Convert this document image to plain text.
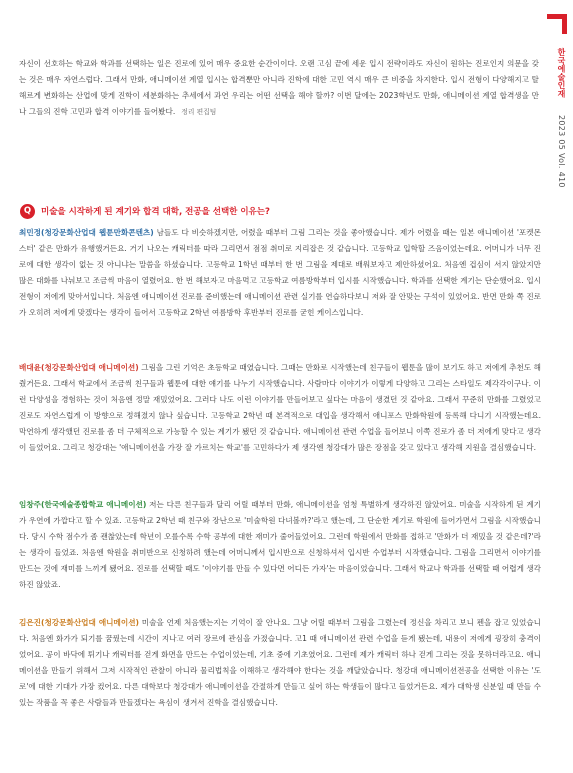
한국예술인재 2023 05 Vol. 410
자신이 선호하는 학교와 학과를 선택하는 일은 진로에 있어 매우 중요한 순간이이다. 오랜 고심 끝에 세운 입시 전략이라도 자신이 원하는 진로인지 의문을 갖는 것은 매우 자연스럽다. 그래서 만화, 애니메이션 계열 입시는 합격뿐만 아니라 진학에 대한 고민 역시 매우 큰 비중을 차지한다. 입시 전형이 다양해지고 탈해르게 변화하는 산업에 맞게 진학이 세분화하는 추세에서 과연 우리는 어떤 선택을 해야 할까? 이번 달에는 2023학년도 만화, 애니메이션 계열 합격생을 만나 그들의 진학 고민과 합격 이야기를 들어봤다. 정리 편집팀
Q	미술을 시작하게 된 계기와 합격 대학, 전공을 선택한 이유는?
최민정(청강문화산업대 웹툰만화콘텐츠) 남들도 다 비슷하겠지만, 어렸을 때부터 그림 그리는 것을 좋아했습니다. 제가 어렸을 때는 일본 애니메이션 '포켓몬스터' 같은 만화가 유행했거든요. 거기 나오는 캐릭터를 따라 그리면서 점점 취미로 지리잡은 것 같습니다. 고등학교 입학할 즈음이었는데요. 어머니가 너무 진로에 대한 생각이 없는 것 아니냐는 말씀을 하셨습니다. 고등학교 1학년 때부터 한 번 그림을 제대로 배워보자고 제안하셨어요. 처음엔 겁심이 서지 않았지만 많은 대화를 나눠보고 조금씩 마음이 열렸어요. 한 번 해보자고 마음먹고 고등학교 여름방학부터 입시를 시작했습니다. 학과를 선택한 계기는 단순했어요. 입시 전형이 저에게 맞아서입니다. 처음엔 애니메이션 진로를 준비했는데 애니메이션 관련 실기를 연습하다보니 저와 잘 안맞는 구석이 있었어요. 반면 만화 쪽 진로가 오히려 저에게 맞겠다는 생각이 들어서 고등학교 2학년 여름방학 후반부터 진로를 굳힌 케이스입니다.
배대윤(청강문화산업대 애니메이션) 그림을 그린 기억은 초등학교 때였습니다. 그때는 만화로 시작했는데 친구들이 웹툰을 많이 보기도 하고 저에게 추천도 해줬거든요. 그래서 학교에서 조금씩 친구들과 웹툰에 대한 얘기를 나누기 시작했습니다. 사람마다 이야기가 이렇게 다양하고 그리는 스타일도 제각각이구나. 이런 다양성을 경험하는 것이 처음엔 정말 재밌었어요. 그러다 나도 이런 이야기를 만들어보고 싶다는 마음이 생겼던 것 같아요. 그래서 꾸준히 만화를 그렸었고 진로도 자연스럽게 이 방향으로 정해졌지 않나 싶습니다. 고등학교 2학년 때 본격적으로 대입을 생각해서 애니포스 만화학원에 등록해 다니기 시작했는데요. 막연하게 생각했던 진로를 좀 더 구체적으로 가능할 수 있는 계기가 됐던 것 같습니다. 애니메이션 관련 수업을 들어보니 이쪽 진로가 좀 더 저에게 맞다고 생각이 들었어요. 그리고 청강대는 '애니메이션을 가장 잘 가르치는 학교'를 고민하다가 제 생각엔 청강대가 많은 장점을 갖고 있다고 생각해 지원을 결심했습니다.
임창주(한국예술종합학교 애니메이션) 저는 다른 친구들과 달리 어릴 때부터 만화, 애니메이션을 엄청 특별하게 생각하진 않았어요. 미술을 시작하게 된 계기가 우연에 가깝다고 할 수 있죠. 고등학교 2학년 때 친구와 장난으로 '미술학원 다녀볼까?'라고 했는데, 그 단순한 계기로 학원에 들어가면서 그림을 시작했습니다. 당시 수학 점수가 좀 괜찮았는데 학년이 오를수록 수학 공부에 대한 재미가 줄어들었어요. 그런데 학원에서 만화를 접하고 '만화가 더 재밌을 것 같은데?'라는 생각이 들었죠. 처음엔 학원을 취미반으로 신청하려 했는데 어머니께서 입시반으로 신청하셔서 입시반 수업부터 시작했습니다. 그림을 그리면서 이야기를 만드는 것에 재미를 느끼게 됐어요. 진로를 선택할 때도 '이야기를 만들 수 있다면 어디든 가자'는 마음이었습니다. 그래서 학교나 학과를 선택할 때 어렵게 생각하진 않았죠.
김은진(청강문화산업대 애니메이션) 미술을 언제 처음했는지는 기억이 잘 안나요. 그냥 어릴 때부터 그림을 그렸는데 정신을 차리고 보니 펜을 잡고 있었습니다. 처음엔 화가가 되기를 꿈꿨는데 시간이 지나고 여러 장르에 관심을 가졌습니다. 고1 때 애니메이션 관련 수업을 듣게 됐는데, 내용이 저에게 굉장히 충격이었어요. 공이 바닥에 튀기나 캐릭터를 걷게 화면을 만드는 수업이었는데, 기초 중에 기초였어요. 그런데 제가 캐릭터 하나 걷게 그리는 것을 못하더라고요. 애니메이션을 만들기 위해서 그저 시작적인 관찰이 아니라 물리법칙을 이해하고 생각해야 한다는 것을 깨달았습니다. 청강대 애니메이션전공을 선택한 이유는 '도로'에 대한 기대가 가장 컸어요. 다른 대학보다 청강대가 애니메이션을 간절하게 만들고 싶어 하는 학생들이 많다고 들었거든요. 제가 대학생 신분일 때 만들 수 있는 작품을 꼭 좋은 사람들과 만들겠다는 욕심이 생겨서 진학을 결심했습니다.
